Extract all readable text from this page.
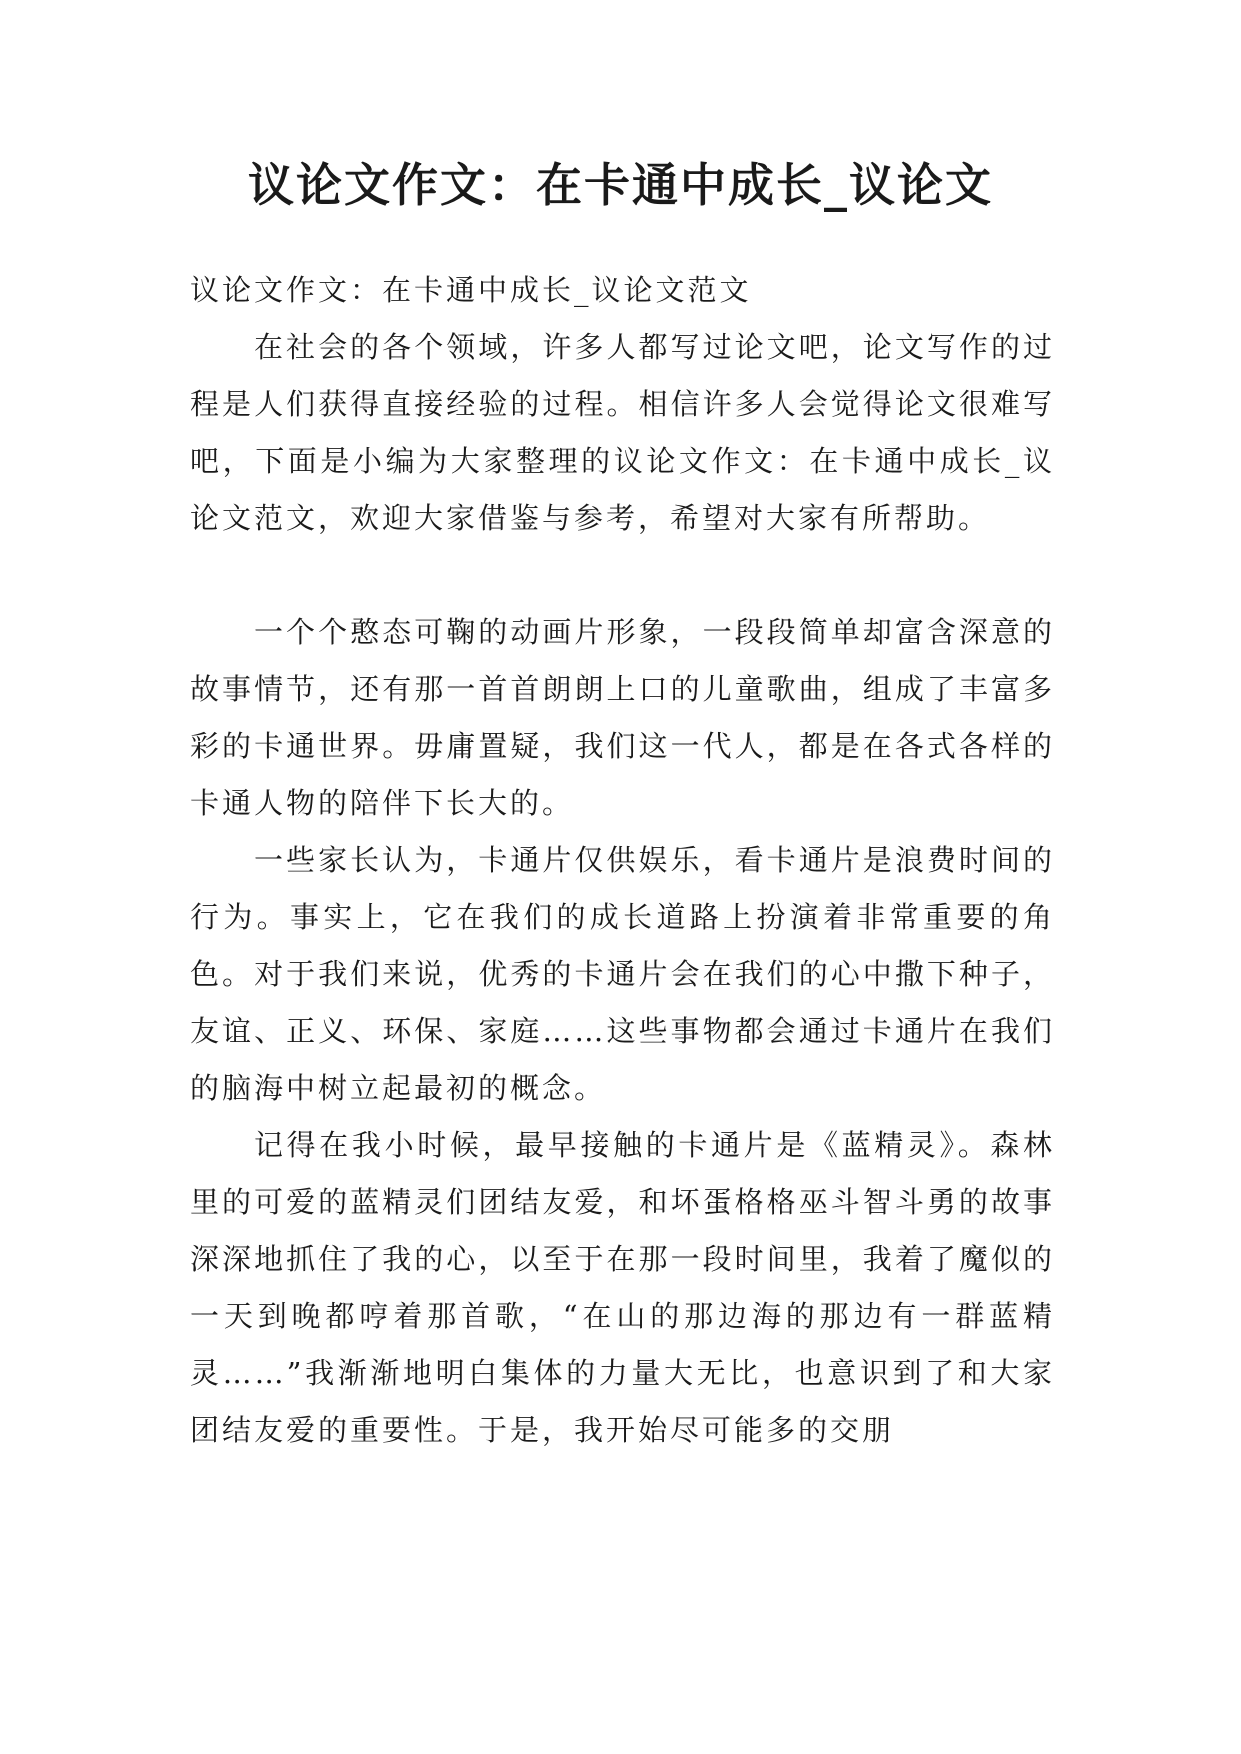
议论文作文：在卡通中成长_议论文

议论文作文：在卡通中成长_议论文范文

在社会的各个领域，许多人都写过论文吧，论文写作的过程是人们获得直接经验的过程。相信许多人会觉得论文很难写吧，下面是小编为大家整理的议论文作文：在卡通中成长_议论文范文，欢迎大家借鉴与参考，希望对大家有所帮助。

一个个憨态可鞠的动画片形象，一段段简单却富含深意的故事情节，还有那一首首朗朗上口的儿童歌曲，组成了丰富多彩的卡通世界。毋庸置疑，我们这一代人，都是在各式各样的卡通人物的陪伴下长大的。

一些家长认为，卡通片仅供娱乐，看卡通片是浪费时间的行为。事实上，它在我们的成长道路上扮演着非常重要的角色。对于我们来说，优秀的卡通片会在我们的心中撒下种子，友谊、正义、环保、家庭……这些事物都会通过卡通片在我们的脑海中树立起最初的概念。

记得在我小时候，最早接触的卡通片是《蓝精灵》。森林里的可爱的蓝精灵们团结友爱，和坏蛋格格巫斗智斗勇的故事深深地抓住了我的心，以至于在那一段时间里，我着了魔似的一天到晚都哼着那首歌，“在山的那边海的那边有一群蓝精灵……”我渐渐地明白集体的力量大无比，也意识到了和大家团结友爱的重要性。于是，我开始尽可能多的交朋
